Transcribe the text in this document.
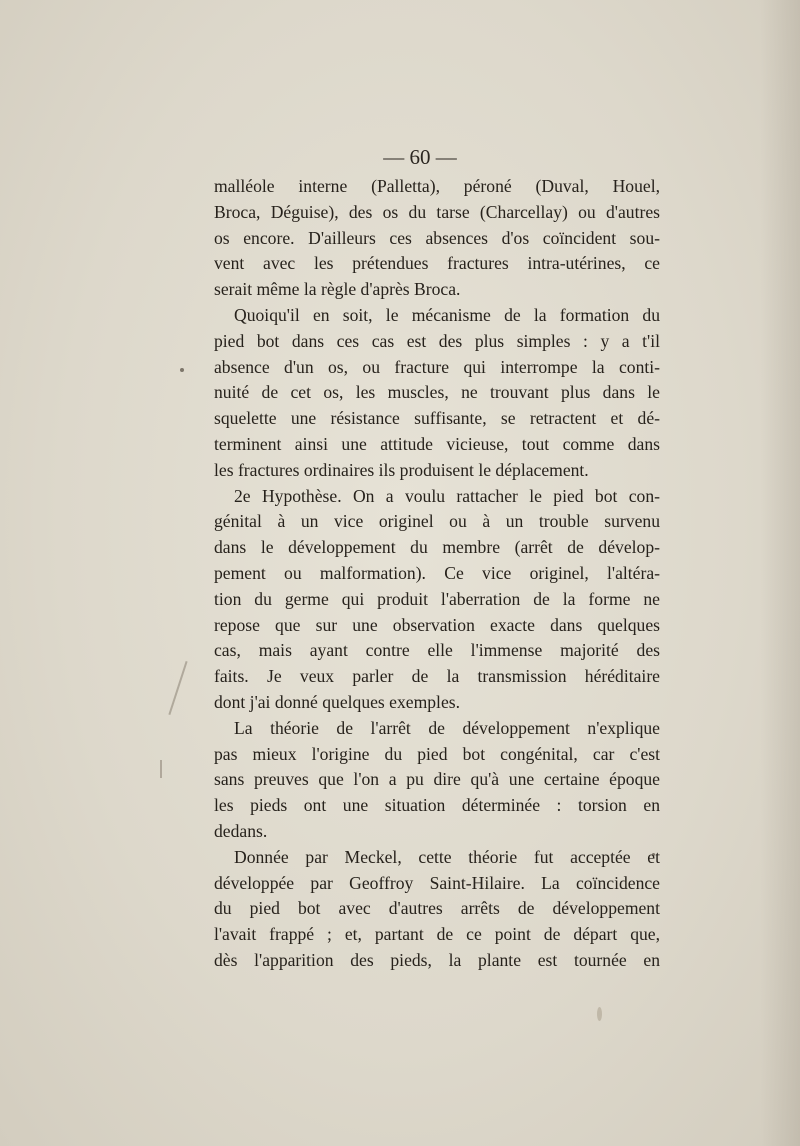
— 60 —
malléole interne (Palletta), péroné (Duval, Houel,
Broca, Déguise), des os du tarse (Charcellay) ou d'autres
os encore. D'ailleurs ces absences d'os coïncident sou-
vent avec les prétendues fractures intra-utérines, ce
serait même la règle d'après Broca.
Quoiqu'il en soit, le mécanisme de la formation du
pied bot dans ces cas est des plus simples : y a t'il
absence d'un os, ou fracture qui interrompe la conti-
nuité de cet os, les muscles, ne trouvant plus dans le
squelette une résistance suffisante, se retractent et dé-
terminent ainsi une attitude vicieuse, tout comme dans
les fractures ordinaires ils produisent le déplacement.
2e Hypothèse. On a voulu rattacher le pied bot con-
génital à un vice originel ou à un trouble survenu
dans le développement du membre (arrêt de dévelop-
pement ou malformation). Ce vice originel, l'altéra-
tion du germe qui produit l'aberration de la forme ne
repose que sur une observation exacte dans quelques
cas, mais ayant contre elle l'immense majorité des
faits. Je veux parler de la transmission héréditaire
dont j'ai donné quelques exemples.
La théorie de l'arrêt de développement n'explique
pas mieux l'origine du pied bot congénital, car c'est
sans preuves que l'on a pu dire qu'à une certaine époque
les pieds ont une situation déterminée : torsion en
dedans.
Donnée par Meckel, cette théorie fut acceptée et
développée par Geoffroy Saint-Hilaire. La coïncidence
du pied bot avec d'autres arrêts de développement
l'avait frappé ; et, partant de ce point de départ que,
dès l'apparition des pieds, la plante est tournée en
